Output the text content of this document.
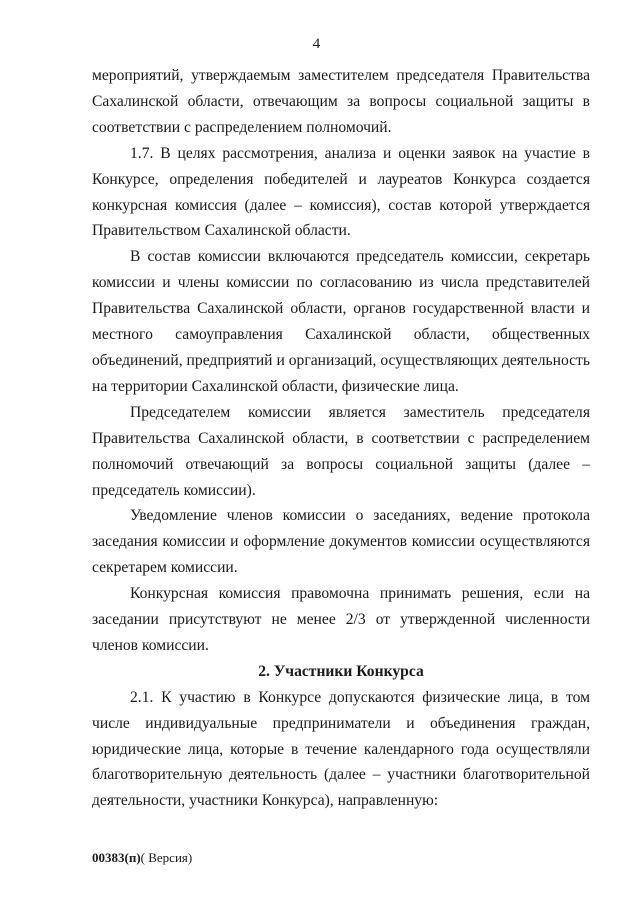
4

мероприятий, утверждаемым заместителем председателя Правительства Сахалинской области, отвечающим за вопросы социальной защиты в соответствии с распределением полномочий.

1.7. В целях рассмотрения, анализа и оценки заявок на участие в Конкурсе, определения победителей и лауреатов Конкурса создается конкурсная комиссия (далее – комиссия), состав которой утверждается Правительством Сахалинской области.

В состав комиссии включаются председатель комиссии, секретарь комиссии и члены комиссии по согласованию из числа представителей Правительства Сахалинской области, органов государственной власти и местного самоуправления Сахалинской области, общественных объединений, предприятий и организаций, осуществляющих деятельность на территории Сахалинской области, физические лица.

Председателем комиссии является заместитель председателя Правительства Сахалинской области, в соответствии с распределением полномочий отвечающий за вопросы социальной защиты (далее – председатель комиссии).

Уведомление членов комиссии о заседаниях, ведение протокола заседания комиссии и оформление документов комиссии осуществляются секретарем комиссии.

Конкурсная комиссия правомочна принимать решения, если на заседании присутствуют не менее 2/3 от утвержденной численности членов комиссии.

2. Участники Конкурса

2.1. К участию в Конкурсе допускаются физические лица, в том числе индивидуальные предприниматели и объединения граждан, юридические лица, которые в течение календарного года осуществляли благотворительную деятельность (далее – участники благотворительной деятельности, участники Конкурса), направленную:

00383(п)( Версия)
